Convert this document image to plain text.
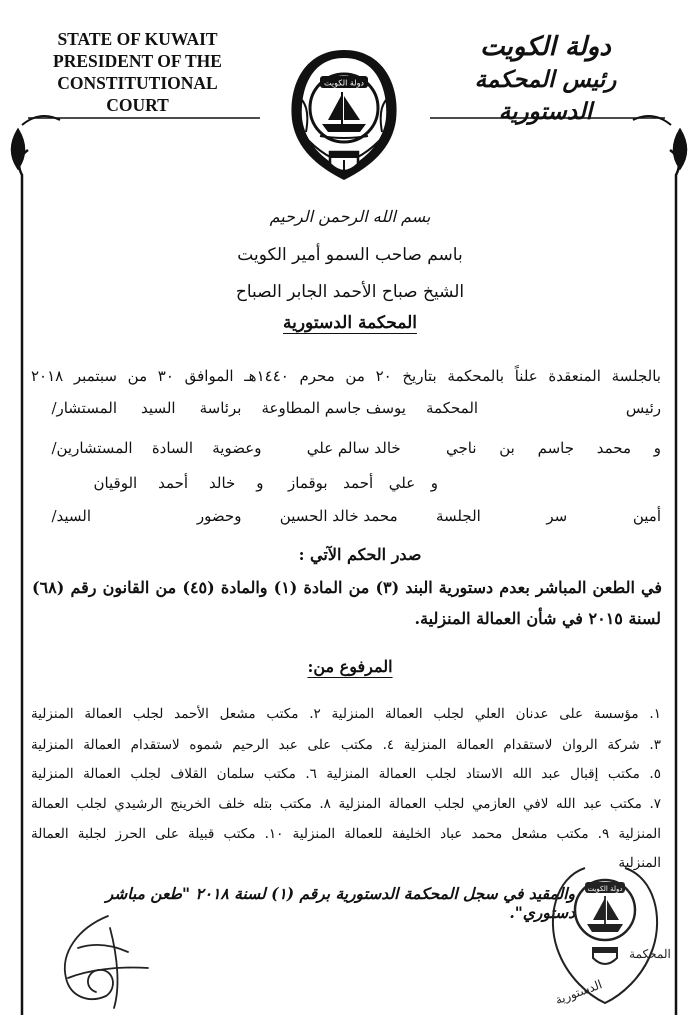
STATE OF KUWAIT
PRESIDENT OF THE
CONSTITUTIONAL COURT
دولة الكويت
رئيس المحكمة الدستورية
دولة الكويت
بسم الله الرحمن الرحيم
باسم صاحب السمو أمير الكويت
الشيخ صباح الأحمد الجابر الصباح
المحكمة الدستورية
بالجلسة المنعقدة علناً بالمحكمة بتاريخ ٢٠ من محرم ١٤٤٠هـ الموافق ٣٠ من سبتمبر ٢٠١٨
برئاسة السيد المستشار/ يوسف جاسم المطاوعة رئيس المحكمة
وعضوية السادة المستشارين/	خالد سالم علي	و محمد جاسم بن ناجي
و خالد أحمد الوقيان و علي أحمد بوقماز
وحضور السيد/	محمد خالد الحسين	أمين سر الجلسة
صدر الحكم الآتي :
في الطعن المباشر بعدم دستورية البند (٣) من المادة (١) والمادة (٤٥) من القانون رقم (٦٨)
لسنة ٢٠١٥ في شأن العمالة المنزلية.
المرفوع من:
١. مؤسسة على عدنان العلي لجلب العمالة المنزلية ٢. مكتب مشعل الأحمد لجلب العمالة المنزلية
٣. شركة الروان لاستقدام العمالة المنزلية ٤. مكتب على عبد الرحيم شموه لاستقدام العمالة المنزلية
٥. مكتب إقبال عبد الله الاستاد لجلب العمالة المنزلية ٦. مكتب سلمان القلاف لجلب العمالة المنزلية
٧. مكتب عبد الله لافي العازمي لجلب العمالة المنزلية ٨. مكتب بتله خلف الخرينج الرشيدي لجلب العمالة
المنزلية ٩. مكتب مشعل محمد عباد الخليفة للعمالة المنزلية ١٠. مكتب قبيلة على الحرز لجلبة العمالة
المنزلية
والمقيد في سجل المحكمة الدستورية برقم (١) لسنة ٢٠١٨ "طعن مباشر دستوري".
دولة الكويت
المحكمة
الدستورية
